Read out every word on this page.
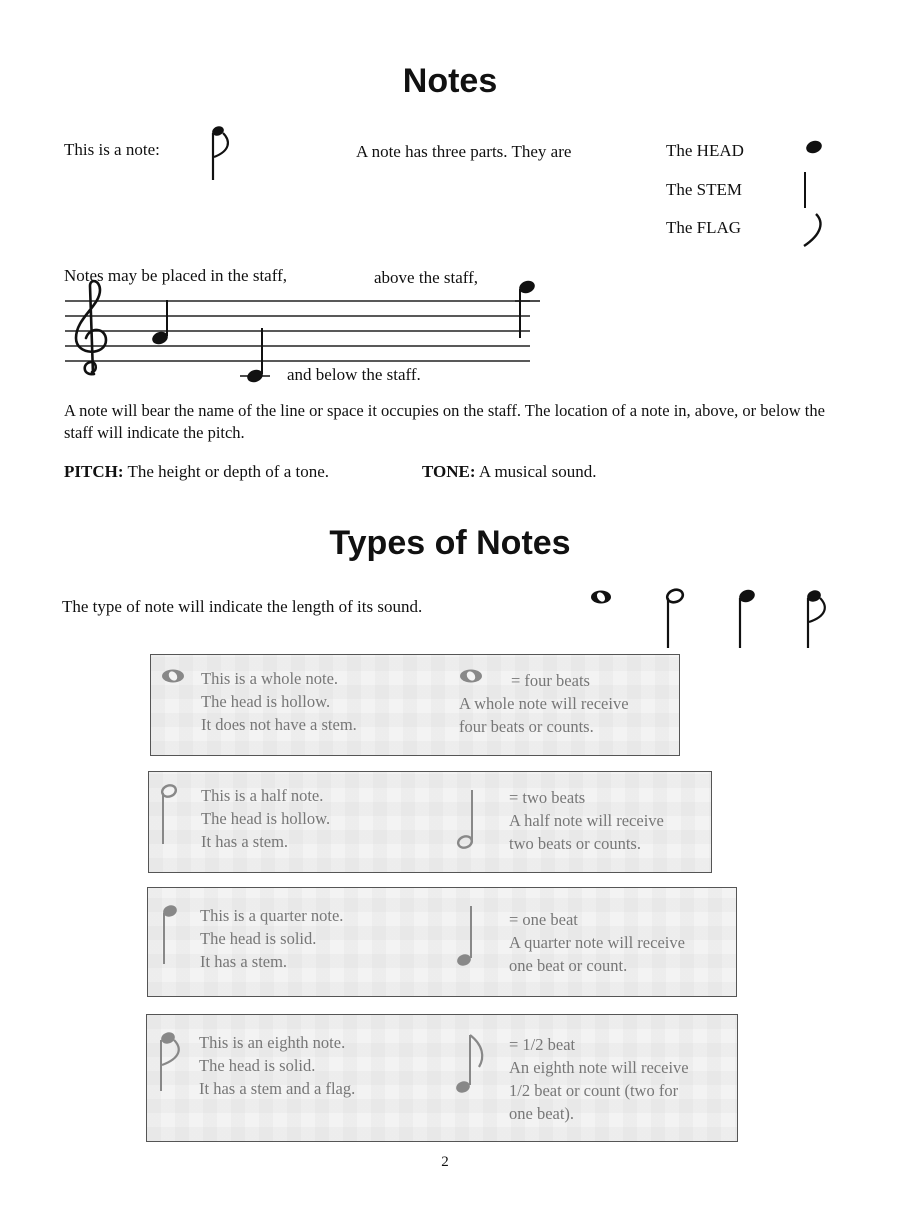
Notes
This is a note:	A note has three parts. They are	The HEAD
The STEM
The FLAG
Notes may be placed in the staff,	above the staff,
and below the staff.
A note will bear the name of the line or space it occupies on the staff. The location of a note in, above, or below the staff will indicate the pitch.
PITCH: The height or depth of a tone.	TONE: A musical sound.
Types of Notes
The type of note will indicate the length of its sound.
This is a whole note.
The head is hollow.
It does not have a stem.
= four beats
A whole note will receive
four beats or counts.
This is a half note.
The head is hollow.
It has a stem.
= two beats
A half note will receive
two beats or counts.
This is a quarter note.
The head is solid.
It has a stem.
= one beat
A quarter note will receive
one beat or count.
This is an eighth note.
The head is solid.
It has a stem and a flag.
= 1/2 beat
An eighth note will receive
1/2 beat or count (two for
one beat).
2
